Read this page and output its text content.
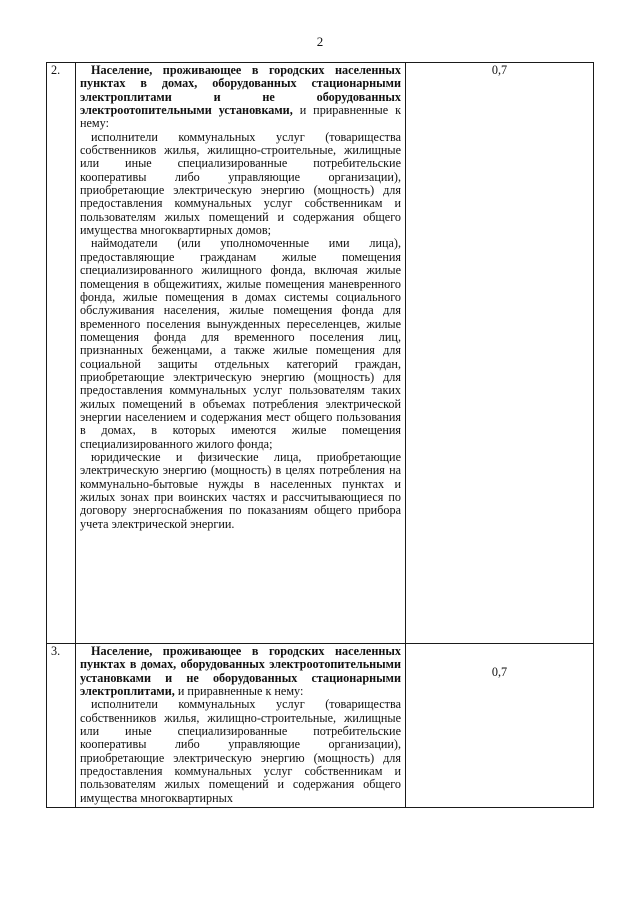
2
2.	Население, проживающее в городских населенных пунктах в домах, оборудованных стационарными электроплитами и не оборудованных электроотопительными установками, и приравненные к нему:

исполнители коммунальных услуг (товарищества собственников жилья, жилищно-строительные, жилищные или иные специализированные потребительские кооперативы либо управляющие организации), приобретающие электрическую энергию (мощность) для предоставления коммунальных услуг собственникам и пользователям жилых помещений и содержания общего имущества многоквартирных домов;

наймодатели (или уполномоченные ими лица), предоставляющие гражданам жилые помещения специализированного жилищного фонда, включая жилые помещения в общежитиях, жилые помещения маневренного фонда, жилые помещения в домах системы социального обслуживания населения, жилые помещения фонда для временного поселения вынужденных переселенцев, жилые помещения фонда для временного поселения лиц, признанных беженцами, а также жилые помещения для социальной защиты отдельных категорий граждан, приобретающие электрическую энергию (мощность) для предоставления коммунальных услуг пользователям таких жилых помещений в объемах потребления электрической энергии населением и содержания мест общего пользования в домах, в которых имеются жилые помещения специализированного жилого фонда;

юридические и физические лица, приобретающие электрическую энергию (мощность) в целях потребления на коммунально-бытовые нужды в населенных пунктах и жилых зонах при воинских частях и рассчитывающиеся по договору энергоснабжения по показаниям общего прибора учета электрической энергии.	0,7
3.	Население, проживающее в городских населенных пунктах в домах, оборудованных электроотопительными установками и не оборудованных стационарными электроплитами, и приравненные к нему:

исполнители коммунальных услуг (товарищества собственников жилья, жилищно-строительные, жилищные или иные специализированные потребительские кооперативы либо управляющие организации), приобретающие электрическую энергию (мощность) для предоставления коммунальных услуг собственникам и пользователям жилых помещений и содержания общего имущества многоквартирных	0,7
